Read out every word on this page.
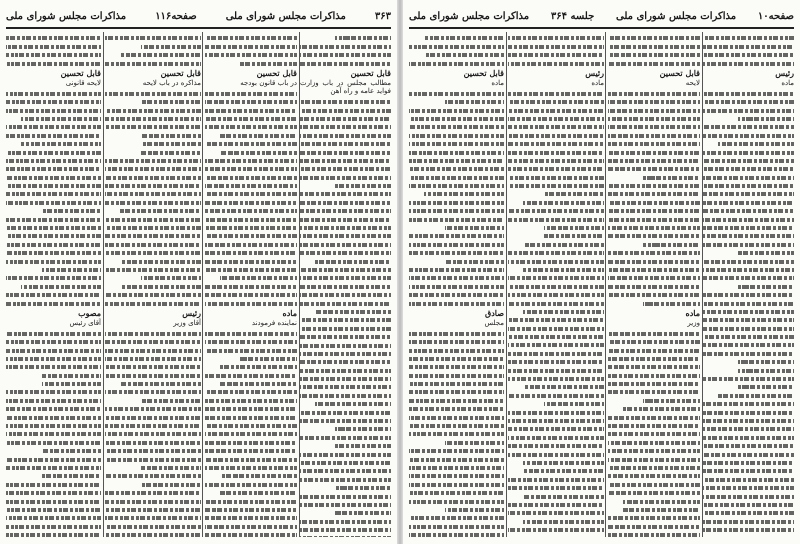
۳۶۳
مذاکرات مجلس شورای ملی
صفحه۱۱۶
مذاکرات مجلس شورای ملی
قابل تحسین
مطالب مجلس در باب وزارت فواید عامه و راه آهن
قابل تحسین
در باب قانون بودجه
ماده
نماینده فرمودند
قابل تحسین
مذاکره در باب لایحه
رئیس
آقای وزیر
قابل تحسین
لایحه قانونی
مصوب
آقای رئیس
صفحه۱۰
مذاکرات مجلس شورای ملی
جلسه ۳۶۴
مذاکرات مجلس شورای ملی
رئیس
ماده
قابل تحسین
لایحه
ماده
وزیر
رئیس
ماده
قابل تحسین
ماده
صادق
مجلس
